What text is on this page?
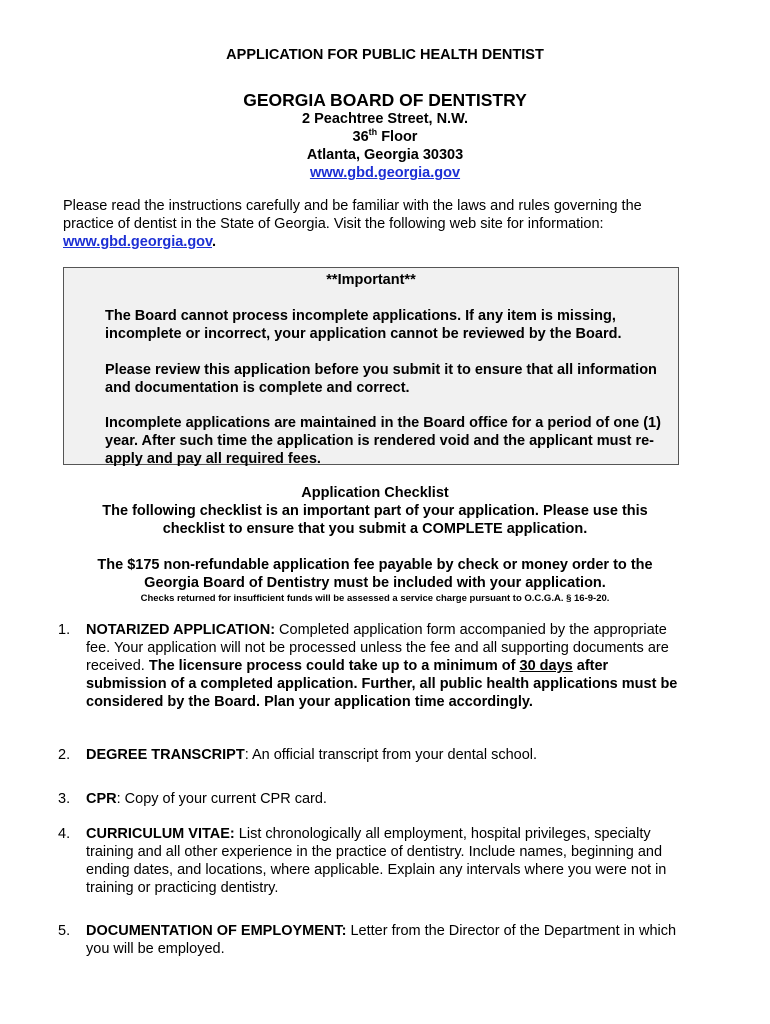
APPLICATION FOR PUBLIC HEALTH DENTIST
GEORGIA BOARD OF DENTISTRY
2 Peachtree Street, N.W.
36th Floor
Atlanta, Georgia 30303
www.gbd.georgia.gov
Please read the instructions carefully and be familiar with the laws and rules governing the practice of dentist in the State of Georgia. Visit the following web site for information:
www.gbd.georgia.gov.
**Important**
The Board cannot process incomplete applications. If any item is missing, incomplete or incorrect, your application cannot be reviewed by the Board.
Please review this application before you submit it to ensure that all information and documentation is complete and correct.
Incomplete applications are maintained in the Board office for a period of one (1) year. After such time the application is rendered void and the applicant must re-apply and pay all required fees.
Application Checklist
The following checklist is an important part of your application. Please use this checklist to ensure that you submit a COMPLETE application.
The $175 non-refundable application fee payable by check or money order to the Georgia Board of Dentistry must be included with your application.
Checks returned for insufficient funds will be assessed a service charge pursuant to O.C.G.A. § 16-9-20.
1.	NOTARIZED APPLICATION: Completed application form accompanied by the appropriate fee. Your application will not be processed unless the fee and all supporting documents are received. The licensure process could take up to a minimum of 30 days after submission of a completed application. Further, all public health applications must be considered by the Board. Plan your application time accordingly.
2.	DEGREE TRANSCRIPT: An official transcript from your dental school.
3.	CPR: Copy of your current CPR card.
4.	CURRICULUM VITAE: List chronologically all employment, hospital privileges, specialty training and all other experience in the practice of dentistry. Include names, beginning and ending dates, and locations, where applicable. Explain any intervals where you were not in training or practicing dentistry.
5.	DOCUMENTATION OF EMPLOYMENT: Letter from the Director of the Department in which you will be employed.
